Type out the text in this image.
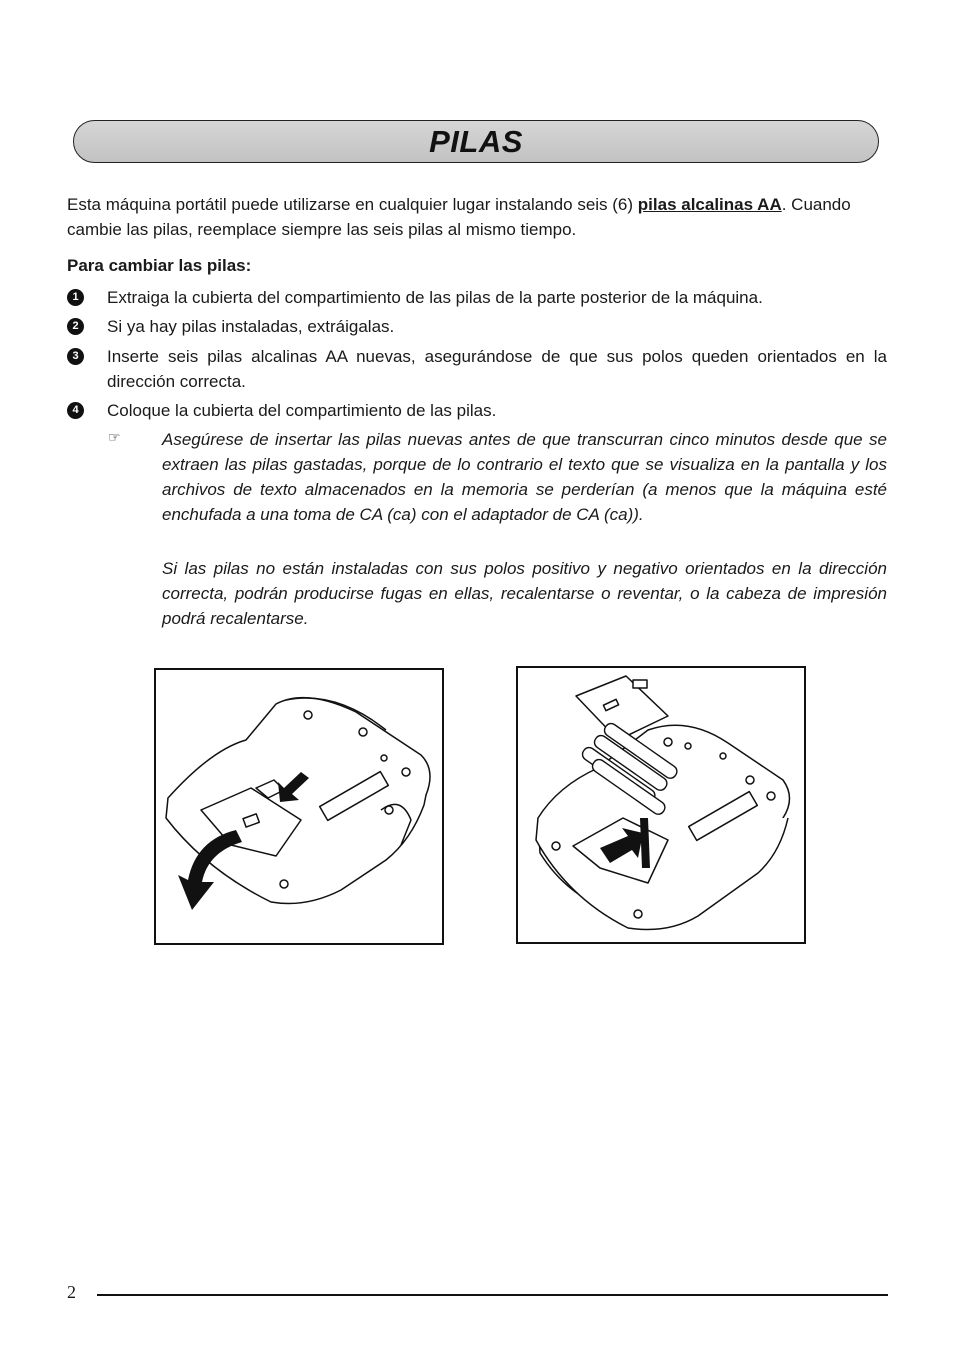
PILAS
Esta máquina portátil puede utilizarse en cualquier lugar instalando seis (6) pilas alcalinas AA. Cuando cambie las pilas, reemplace siempre las seis pilas al mismo tiempo.
Para cambiar las pilas:
1	Extraiga la cubierta del compartimiento de las pilas de la parte posterior de la máquina.
2	Si ya hay pilas instaladas, extráigalas.
3	Inserte seis pilas alcalinas AA nuevas, asegurándose de que sus polos queden orientados en la dirección correcta.
4	Coloque la cubierta del compartimiento de las pilas.
☞ Asegúrese de insertar las pilas nuevas antes de que transcurran cinco minutos desde que se extraen las pilas gastadas, porque de lo contrario el texto que se visualiza en la pantalla y los archivos de texto almacenados en la memoria se perderían (a menos que la máquina esté enchufada a una toma de CA (ca) con el adaptador de CA (ca)).
Si las pilas no están instaladas con sus polos positivo y negativo orientados en la dirección correcta, podrán producirse fugas en ellas, recalentarse o reventar, o la cabeza de impresión podrá recalentarse.
2
